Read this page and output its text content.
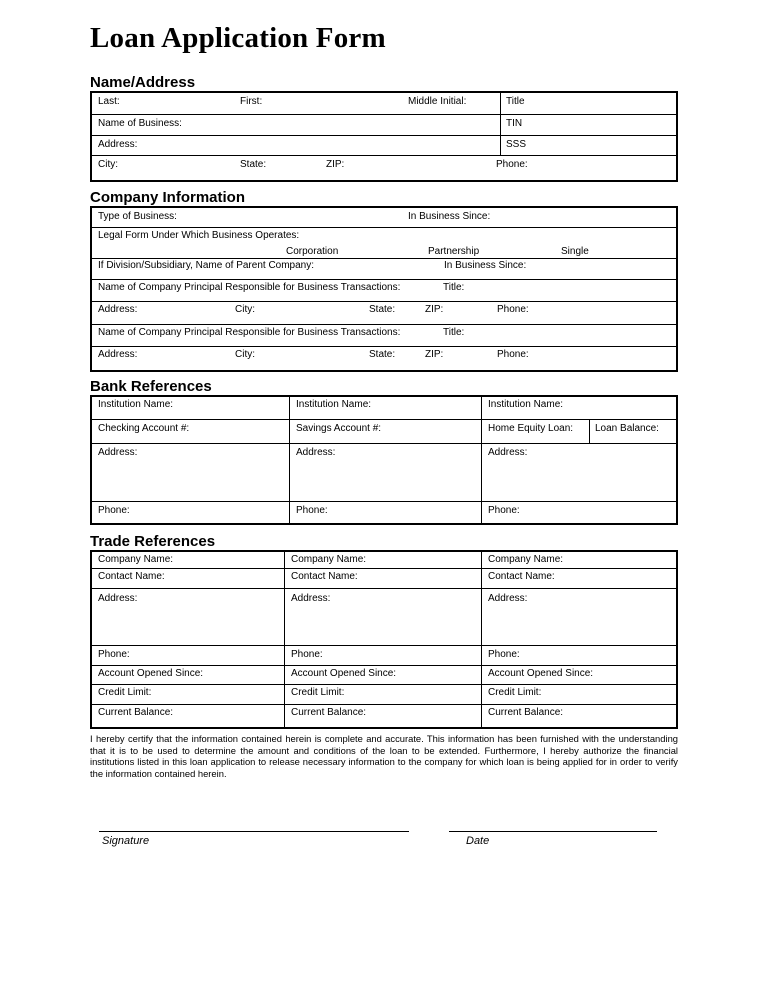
Loan Application Form
Name/Address
Last:	First:	Middle Initial:	Title
Name of Business:	TIN
Address:	SSS
City:	State:	ZIP:	Phone:
Company Information
Type of Business:	In Business Since:
Legal Form Under Which Business Operates:
Corporation	Partnership	Single
If Division/Subsidiary, Name of Parent Company:	In Business Since:
Name of Company Principal Responsible for Business Transactions:	Title:
Address:	City:	State:	ZIP:	Phone:
Name of Company Principal Responsible for Business Transactions:	Title:
Address:	City:	State:	ZIP:	Phone:
Bank References
Institution Name:	Institution Name:	Institution Name:
Checking Account #:	Savings Account #:	Home Equity Loan: Loan Balance:
Address:	Address:	Address:
Phone:	Phone:	Phone:
Trade References
Company Name:	Company Name:	Company Name:
Contact Name:	Contact Name:	Contact Name:
Address:	Address:	Address:
Phone:	Phone:	Phone:
Account Opened Since:	Account Opened Since:	Account Opened Since:
Credit Limit:	Credit Limit:	Credit Limit:
Current Balance:	Current Balance:	Current Balance:
I hereby certify that the information contained herein is complete and accurate. This information has been furnished with the understanding that it is to be used to determine the amount and conditions of the loan to be extended. Furthermore, I hereby authorize the financial institutions listed in this loan application to release necessary information to the company for which loan is being applied for in order to verify the information contained herein.
Signature	Date
